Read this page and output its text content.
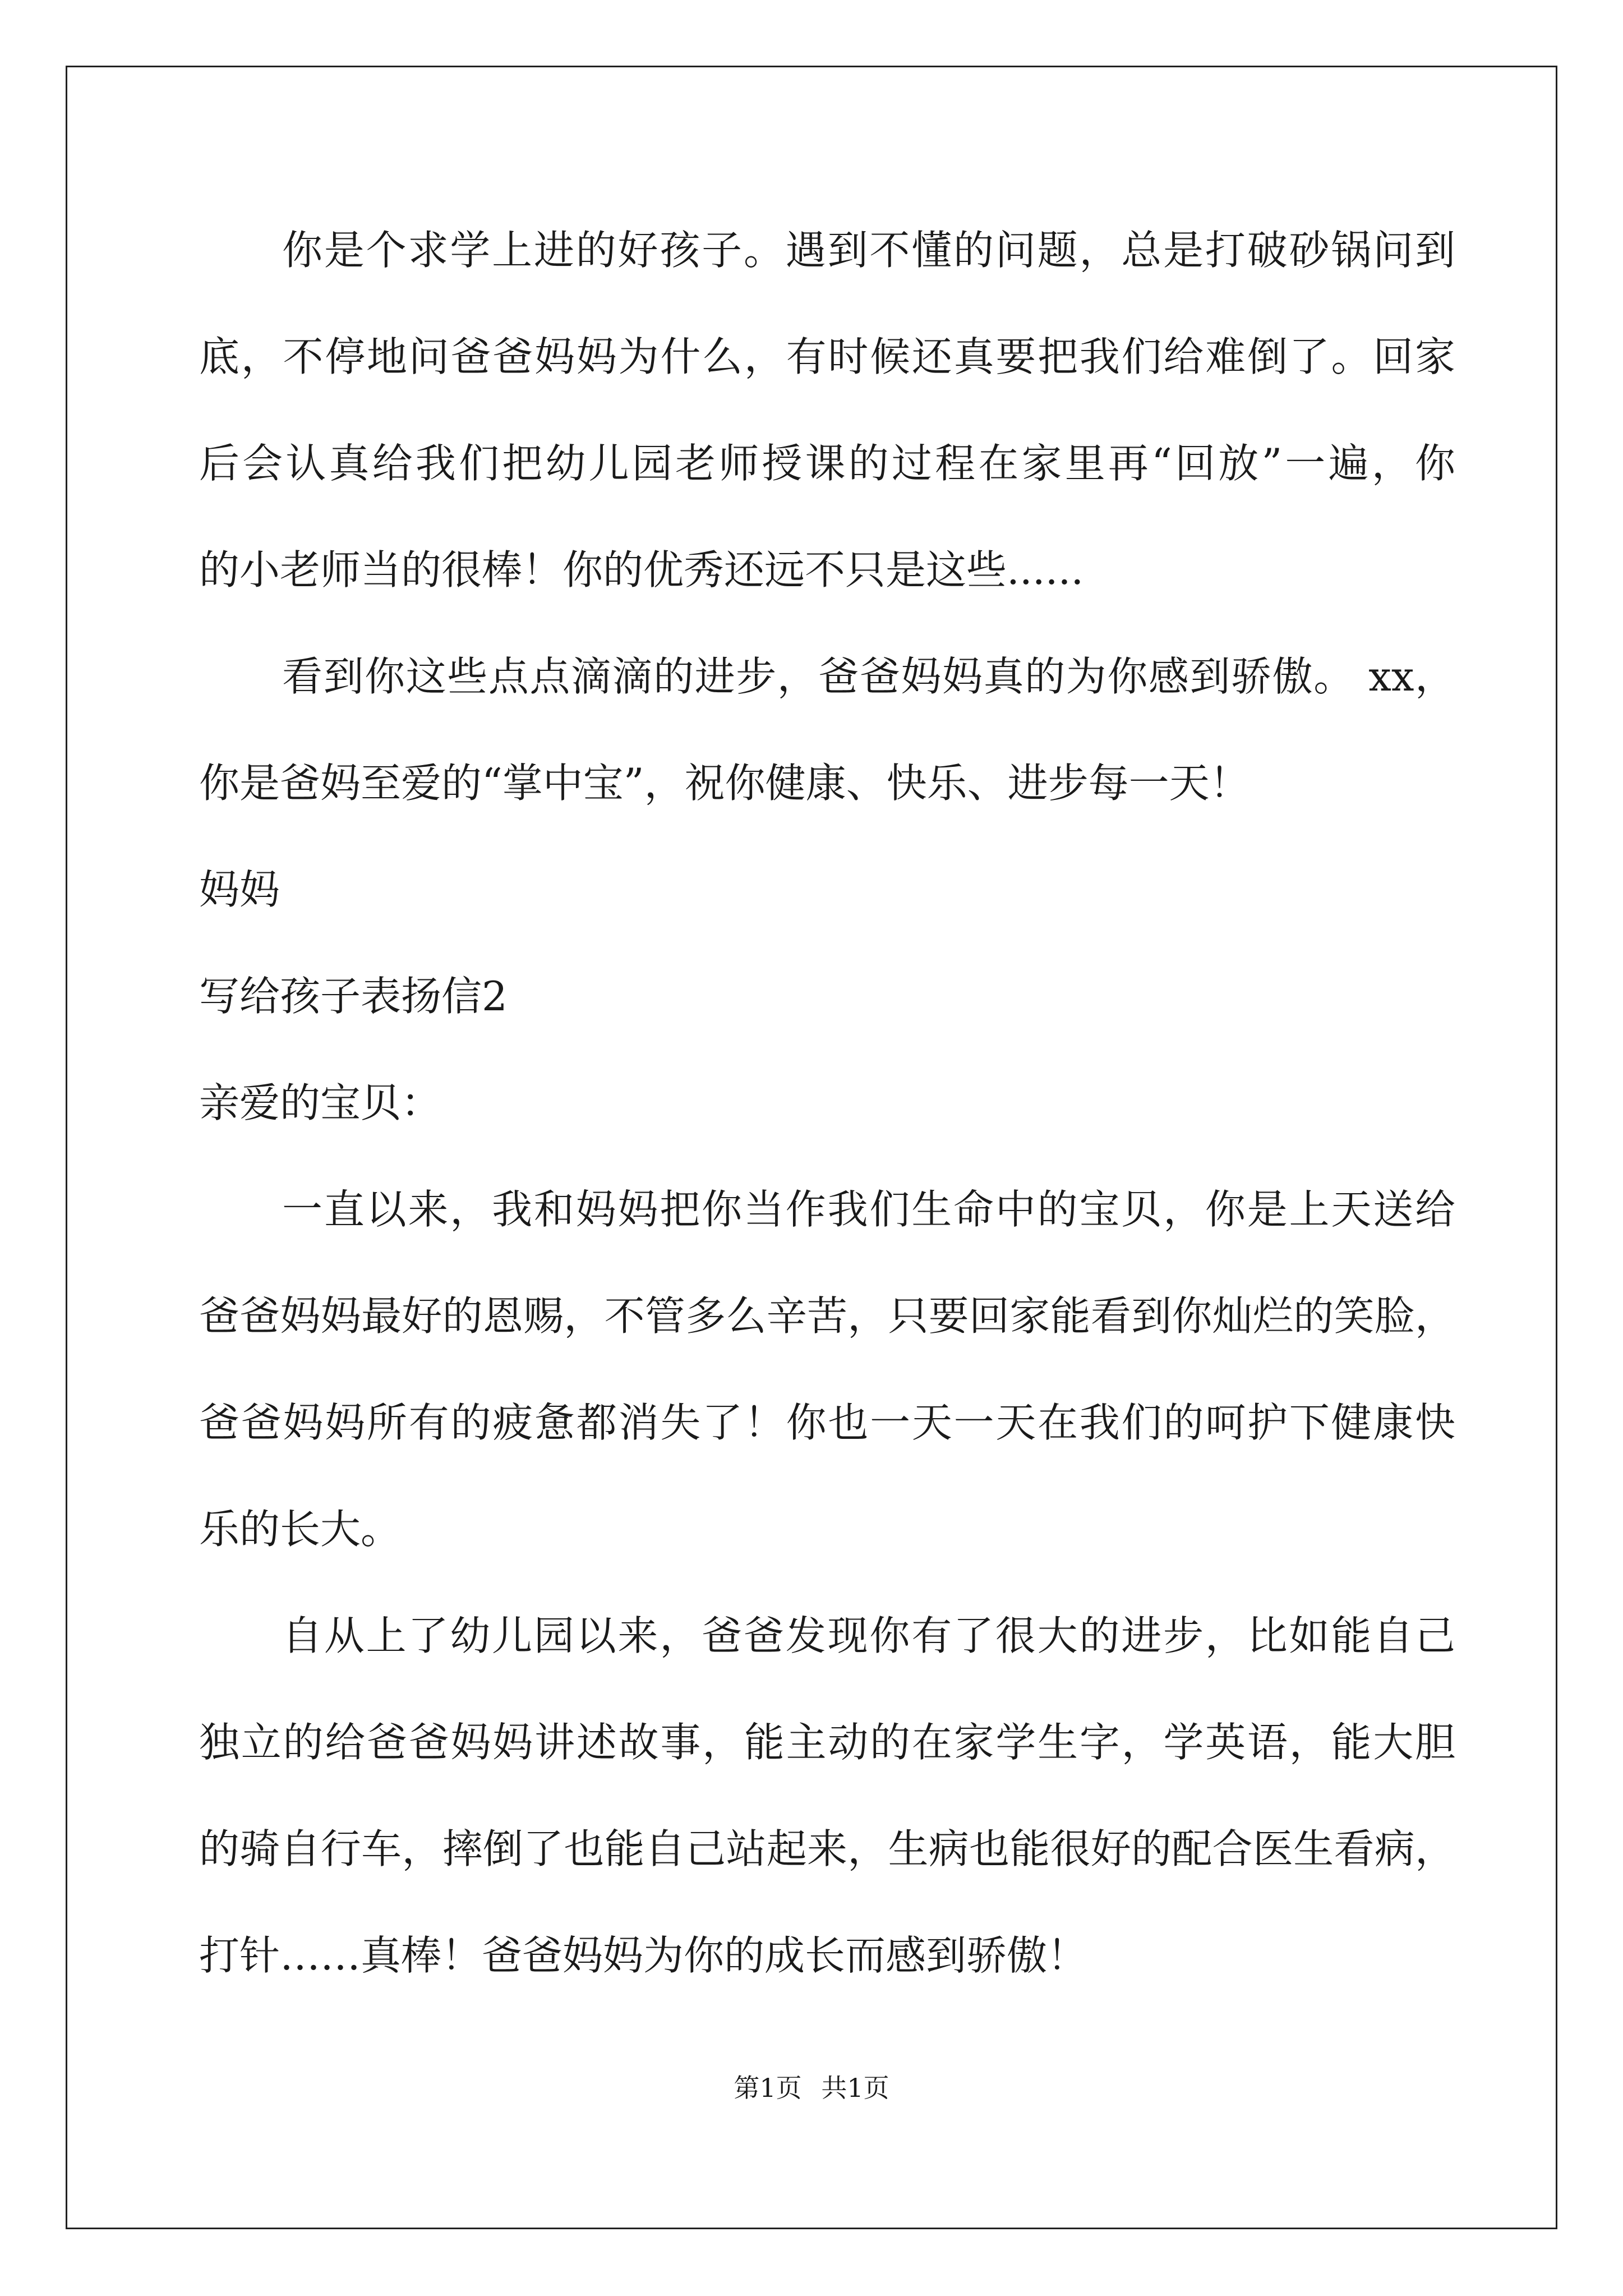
你是个求学上进的好孩子。遇到不懂的问题，总是打破砂锅问到
底，不停地问爸爸妈妈为什么，有时候还真要把我们给难倒了。回家
后会认真给我们把幼儿园老师授课的过程在家里再“回放”一遍，你
的小老师当的很棒！你的优秀还远不只是这些......
看到你这些点点滴滴的进步，爸爸妈妈真的为你感到骄傲。 xx，
你是爸妈至爱的“掌中宝”，祝你健康、快乐、进步每一天！
妈妈
写给孩子表扬信2
亲爱的宝贝：
一直以来，我和妈妈把你当作我们生命中的宝贝，你是上天送给
爸爸妈妈最好的恩赐，不管多么辛苦，只要回家能看到你灿烂的笑脸，
爸爸妈妈所有的疲惫都消失了！你也一天一天在我们的呵护下健康快
乐的长大。
自从上了幼儿园以来，爸爸发现你有了很大的进步，比如能自己
独立的给爸爸妈妈讲述故事，能主动的在家学生字，学英语，能大胆
的骑自行车，摔倒了也能自己站起来，生病也能很好的配合医生看病，
打针……真棒！爸爸妈妈为你的成长而感到骄傲！
第1页 共1页
